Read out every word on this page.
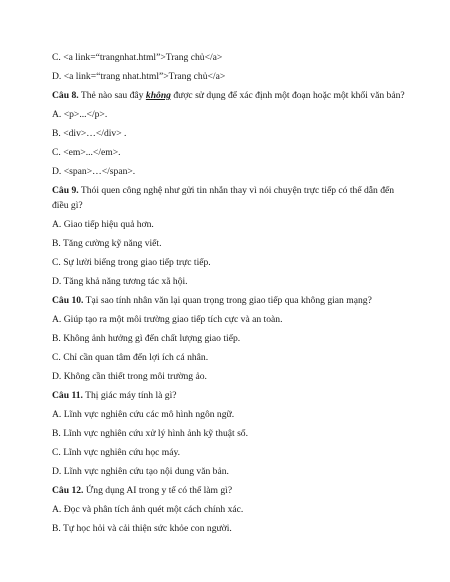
C. <a link=“trangnhat.html”>Trang chủ</a>
D. <a link=“trang nhat.html”>Trang chủ</a>
Câu 8. Thẻ nào sau đây không được sử dụng để xác định một đoạn hoặc một khối văn bản?
A. <p>...</p>.
B. <div>…</div> .
C. <em>...</em>.
D. <span>…</span>.
Câu 9. Thói quen công nghệ như gửi tin nhắn thay vì nói chuyện trực tiếp có thể dẫn đến điều gì?
A. Giao tiếp hiệu quả hơn.
B. Tăng cường kỹ năng viết.
C. Sự lười biếng trong giao tiếp trực tiếp.
D. Tăng khả năng tương tác xã hội.
Câu 10. Tại sao tính nhân văn lại quan trọng trong giao tiếp qua không gian mạng?
A. Giúp tạo ra một môi trường giao tiếp tích cực và an toàn.
B. Không ảnh hưởng gì đến chất lượng giao tiếp.
C. Chỉ cần quan tâm đến lợi ích cá nhân.
D. Không cần thiết trong môi trường ảo.
Câu 11. Thị giác máy tính là gì?
A. Lĩnh vực nghiên cứu các mô hình ngôn ngữ.
B. Lĩnh vực nghiên cứu xử lý hình ảnh kỹ thuật số.
C. Lĩnh vực nghiên cứu học máy.
D. Lĩnh vực nghiên cứu tạo nội dung văn bản.
Câu 12. Ứng dụng AI trong y tế có thể làm gì?
A. Đọc và phân tích ảnh quét một cách chính xác.
B. Tự học hỏi và cải thiện sức khỏe con người.
